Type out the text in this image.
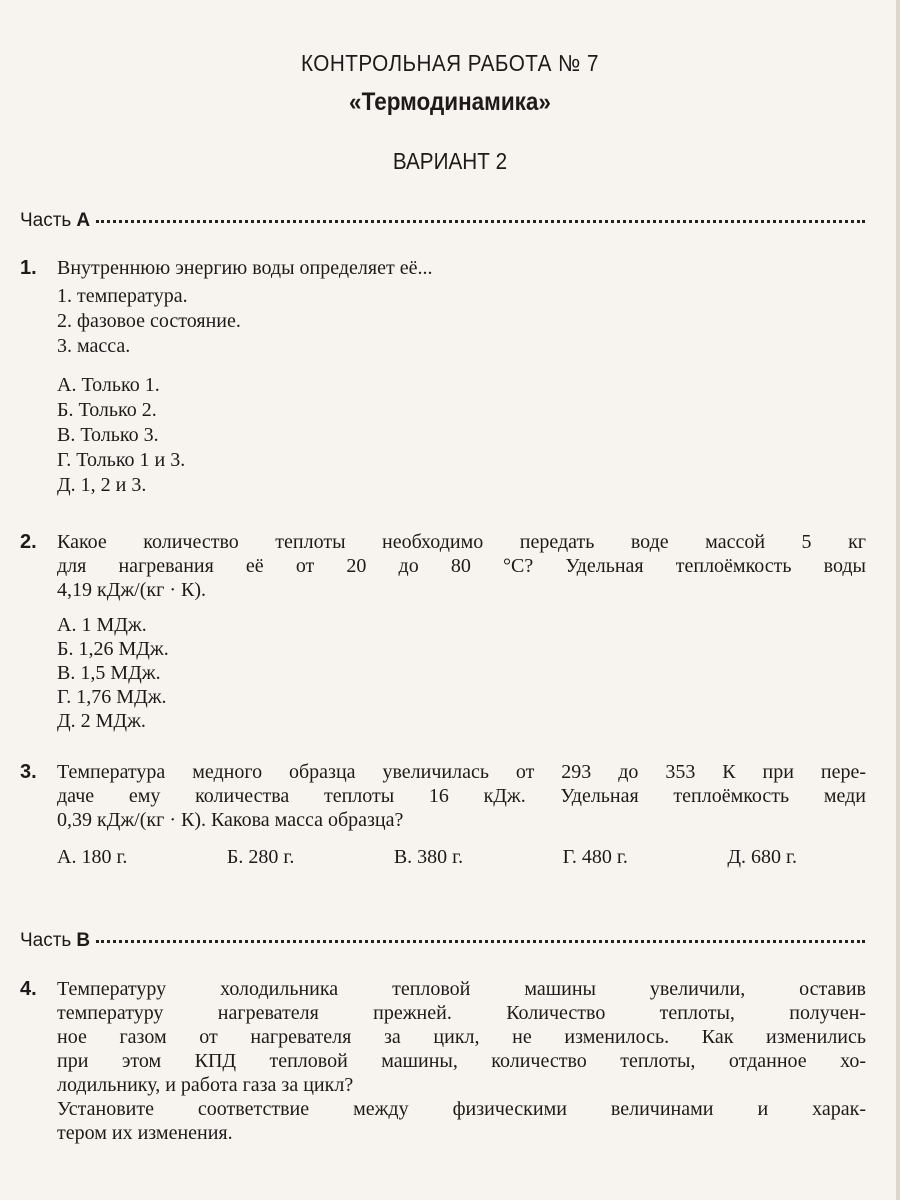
КОНТРОЛЬНАЯ РАБОТА № 7
«Термодинамика»
ВАРИАНТ 2
Часть A
1. Внутреннюю энергию воды определяет её...
1. температура.
2. фазовое состояние.
3. масса.
А. Только 1.
Б. Только 2.
В. Только 3.
Г. Только 1 и 3.
Д. 1, 2 и 3.
2. Какое количество теплоты необходимо передать воде массой 5 кг
для нагревания её от 20 до 80 °С? Удельная теплоёмкость воды
4,19 кДж/(кг · К).
А. 1 МДж.
Б. 1,26 МДж.
В. 1,5 МДж.
Г. 1,76 МДж.
Д. 2 МДж.
3. Температура медного образца увеличилась от 293 до 353 К при пере-
даче ему количества теплоты 16 кДж. Удельная теплоёмкость меди
0,39 кДж/(кг · К). Какова масса образца?
А. 180 г.	Б. 280 г.	В. 380 г.	Г. 480 г.	Д. 680 г.
Часть B
4. Температуру холодильника тепловой машины увеличили, оставив
температуру нагревателя прежней. Количество теплоты, получен-
ное газом от нагревателя за цикл, не изменилось. Как изменились
при этом КПД тепловой машины, количество теплоты, отданное хо-
лодильнику, и работа газа за цикл?
Установите соответствие между физическими величинами и харак-
тером их изменения.
